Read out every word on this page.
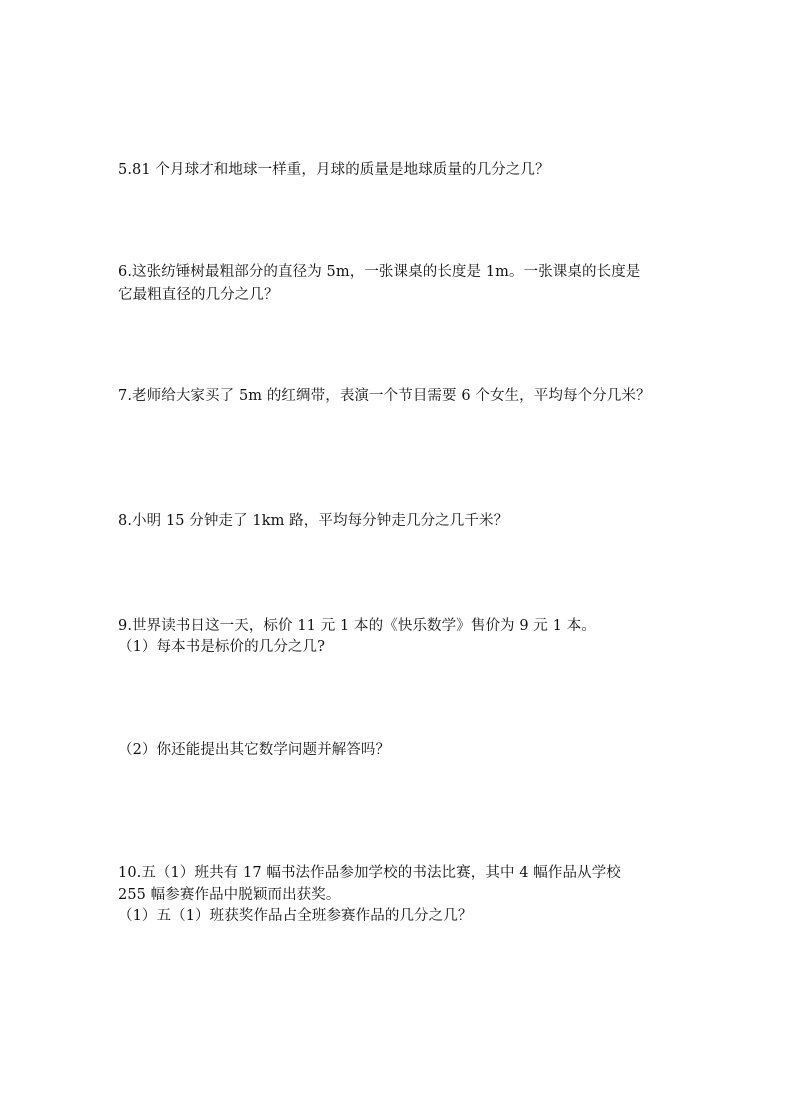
5.81 个月球才和地球一样重，月球的质量是地球质量的几分之几？
6.这张纺锤树最粗部分的直径为 5m，一张课桌的长度是 1m。一张课桌的长度是
它最粗直径的几分之几？
7.老师给大家买了 5m 的红绸带，表演一个节目需要 6 个女生，平均每个分几米？
8.小明 15 分钟走了 1km 路，平均每分钟走几分之几千米？
9.世界读书日这一天，标价 11 元 1 本的《快乐数学》售价为 9 元 1 本。
（1）每本书是标价的几分之几?
（2）你还能提出其它数学问题并解答吗？
10.五（1）班共有 17 幅书法作品参加学校的书法比赛，其中 4 幅作品从学校
255 幅参赛作品中脱颖而出获奖。
（1）五（1）班获奖作品占全班参赛作品的几分之几？
